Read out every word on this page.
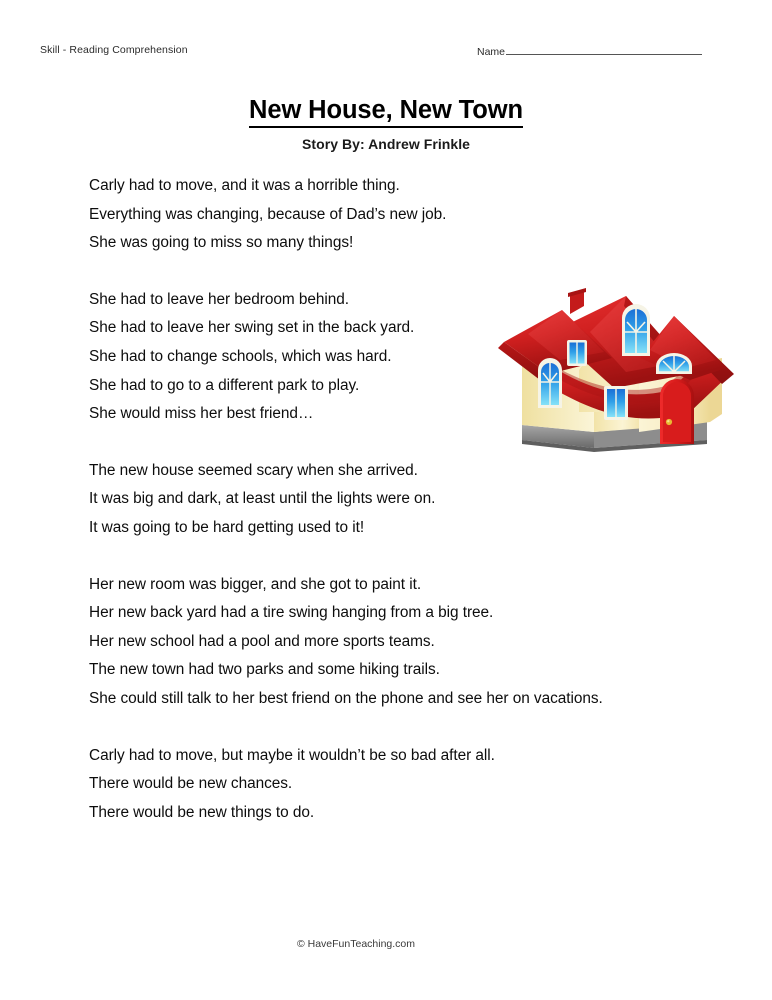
Skill - Reading Comprehension	Name
New House, New Town
Story By: Andrew Frinkle
Carly had to move, and it was a horrible thing.
Everything was changing, because of Dad’s new job.
She was going to miss so many things!
She had to leave her bedroom behind.
She had to leave her swing set in the back yard.
She had to change schools, which was hard.
She had to go to a different park to play.
She would miss her best friend…
The new house seemed scary when she arrived.
It was big and dark, at least until the lights were on.
It was going to be hard getting used to it!
Her new room was bigger, and she got to paint it.
Her new back yard had a tire swing hanging from a big tree.
Her new school had a pool and more sports teams.
The new town had two parks and some hiking trails.
She could still talk to her best friend on the phone and see her on vacations.
Carly had to move, but maybe it wouldn’t be so bad after all.
There would be new chances.
There would be new things to do.
© HaveFunTeaching.com
